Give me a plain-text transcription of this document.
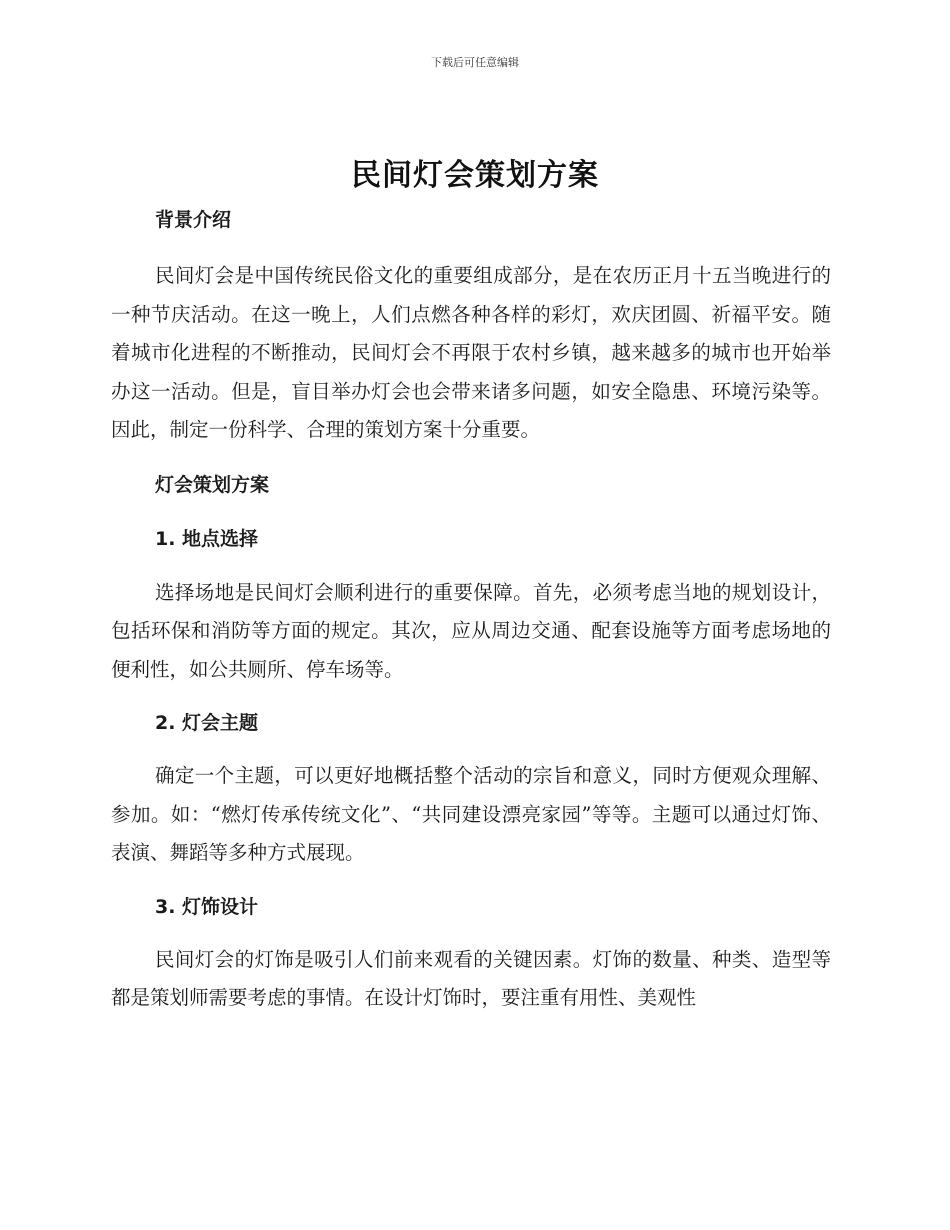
下载后可任意编辑
民间灯会策划方案

背景介绍

民间灯会是中国传统民俗文化的重要组成部分，是在农历正月十五当晚进行的一种节庆活动。在这一晚上，人们点燃各种各样的彩灯，欢庆团圆、祈福平安。随着城市化进程的不断推动，民间灯会不再限于农村乡镇，越来越多的城市也开始举办这一活动。但是，盲目举办灯会也会带来诸多问题，如安全隐患、环境污染等。因此，制定一份科学、合理的策划方案十分重要。

灯会策划方案

1. 地点选择

选择场地是民间灯会顺利进行的重要保障。首先，必须考虑当地的规划设计，包括环保和消防等方面的规定。其次，应从周边交通、配套设施等方面考虑场地的便利性，如公共厕所、停车场等。

2. 灯会主题

确定一个主题，可以更好地概括整个活动的宗旨和意义，同时方便观众理解、参加。如：“燃灯传承传统文化”、“共同建设漂亮家园”等等。主题可以通过灯饰、表演、舞蹈等多种方式展现。

3. 灯饰设计

民间灯会的灯饰是吸引人们前来观看的关键因素。灯饰的数量、种类、造型等都是策划师需要考虑的事情。在设计灯饰时，要注重有用性、美观性
